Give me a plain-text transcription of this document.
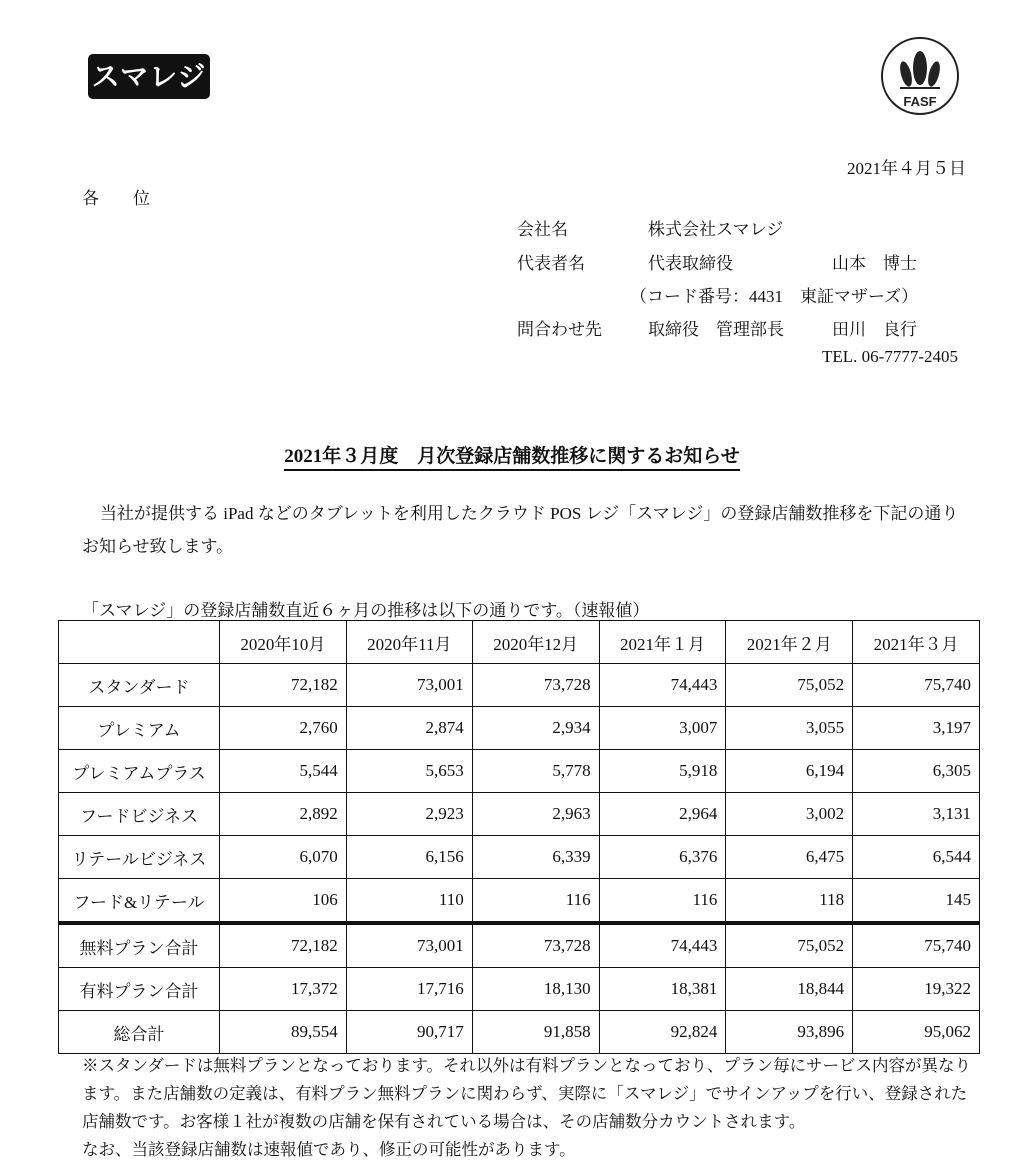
スマレジ
FASF
2021年４月５日
各　　位
会社名	株式会社スマレジ
代表者名	代表取締役	山本　博士
（コード番号：4431　東証マザーズ）
問合わせ先	取締役　管理部長	田川　良行
TEL. 06-7777-2405
2021年３月度　月次登録店舗数推移に関するお知らせ
当社が提供する iPad などのタブレットを利用したクラウド POS レジ「スマレジ」の登録店舗数推移を下記の通りお知らせ致します。
「スマレジ」の登録店舗数直近６ヶ月の推移は以下の通りです。（速報値）
	2020年10月	2020年11月	2020年12月	2021年１月	2021年２月	2021年３月
スタンダード	72,182	73,001	73,728	74,443	75,052	75,740
プレミアム	2,760	2,874	2,934	3,007	3,055	3,197
プレミアムプラス	5,544	5,653	5,778	5,918	6,194	6,305
フードビジネス	2,892	2,923	2,963	2,964	3,002	3,131
リテールビジネス	6,070	6,156	6,339	6,376	6,475	6,544
フード&リテール	106	110	116	116	118	145
無料プラン合計	72,182	73,001	73,728	74,443	75,052	75,740
有料プラン合計	17,372	17,716	18,130	18,381	18,844	19,322
総合計	89,554	90,717	91,858	92,824	93,896	95,062
※スタンダードは無料プランとなっております。それ以外は有料プランとなっており、プラン毎にサービス内容が異なります。また店舗数の定義は、有料プラン無料プランに関わらず、実際に「スマレジ」でサインアップを行い、登録された店舗数です。お客様１社が複数の店舗を保有されている場合は、その店舗数分カウントされます。
なお、当該登録店舗数は速報値であり、修正の可能性があります。
